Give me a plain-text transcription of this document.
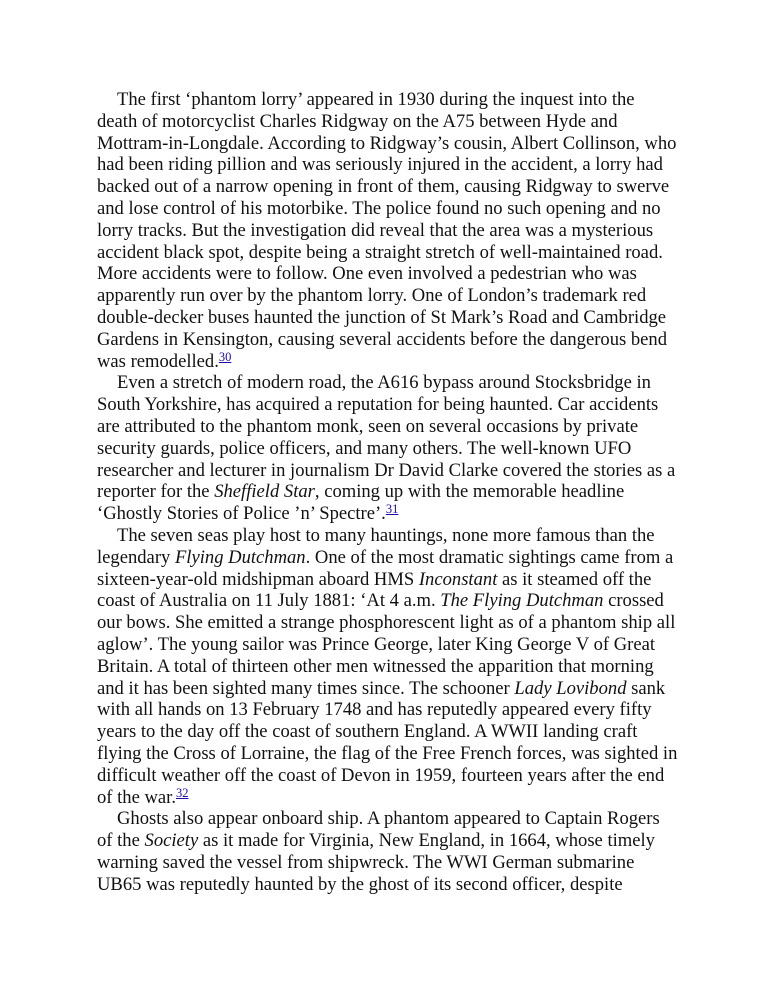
The first ‘phantom lorry’ appeared in 1930 during the inquest into the death of motorcyclist Charles Ridgway on the A75 between Hyde and Mottram-in-Longdale. According to Ridgway’s cousin, Albert Collinson, who had been riding pillion and was seriously injured in the accident, a lorry had backed out of a narrow opening in front of them, causing Ridgway to swerve and lose control of his motorbike. The police found no such opening and no lorry tracks. But the investigation did reveal that the area was a mysterious accident black spot, despite being a straight stretch of well-maintained road. More accidents were to follow. One even involved a pedestrian who was apparently run over by the phantom lorry. One of London’s trademark red double-decker buses haunted the junction of St Mark’s Road and Cambridge Gardens in Kensington, causing several accidents before the dangerous bend was remodelled.$^{30}$

Even a stretch of modern road, the A616 bypass around Stocksbridge in South Yorkshire, has acquired a reputation for being haunted. Car accidents are attributed to the phantom monk, seen on several occasions by private security guards, police officers, and many others. The well-known UFO researcher and lecturer in journalism Dr David Clarke covered the stories as a reporter for the Sheffield Star, coming up with the memorable headline ‘Ghostly Stories of Police ’n’ Spectre’.$^{31}$

The seven seas play host to many hauntings, none more famous than the legendary Flying Dutchman. One of the most dramatic sightings came from a sixteen-year-old midshipman aboard HMS Inconstant as it steamed off the coast of Australia on 11 July 1881: ‘At 4 a.m. The Flying Dutchman crossed our bows. She emitted a strange phosphorescent light as of a phantom ship all aglow’. The young sailor was Prince George, later King George V of Great Britain. A total of thirteen other men witnessed the apparition that morning and it has been sighted many times since. The schooner Lady Lovibond sank with all hands on 13 February 1748 and has reputedly appeared every fifty years to the day off the coast of southern England. A WWII landing craft flying the Cross of Lorraine, the flag of the Free French forces, was sighted in difficult weather off the coast of Devon in 1959, fourteen years after the end of the war.$^{32}$

Ghosts also appear onboard ship. A phantom appeared to Captain Rogers of the Society as it made for Virginia, New England, in 1664, whose timely warning saved the vessel from shipwreck. The WWI German submarine UB65 was reputedly haunted by the ghost of its second officer, despite
